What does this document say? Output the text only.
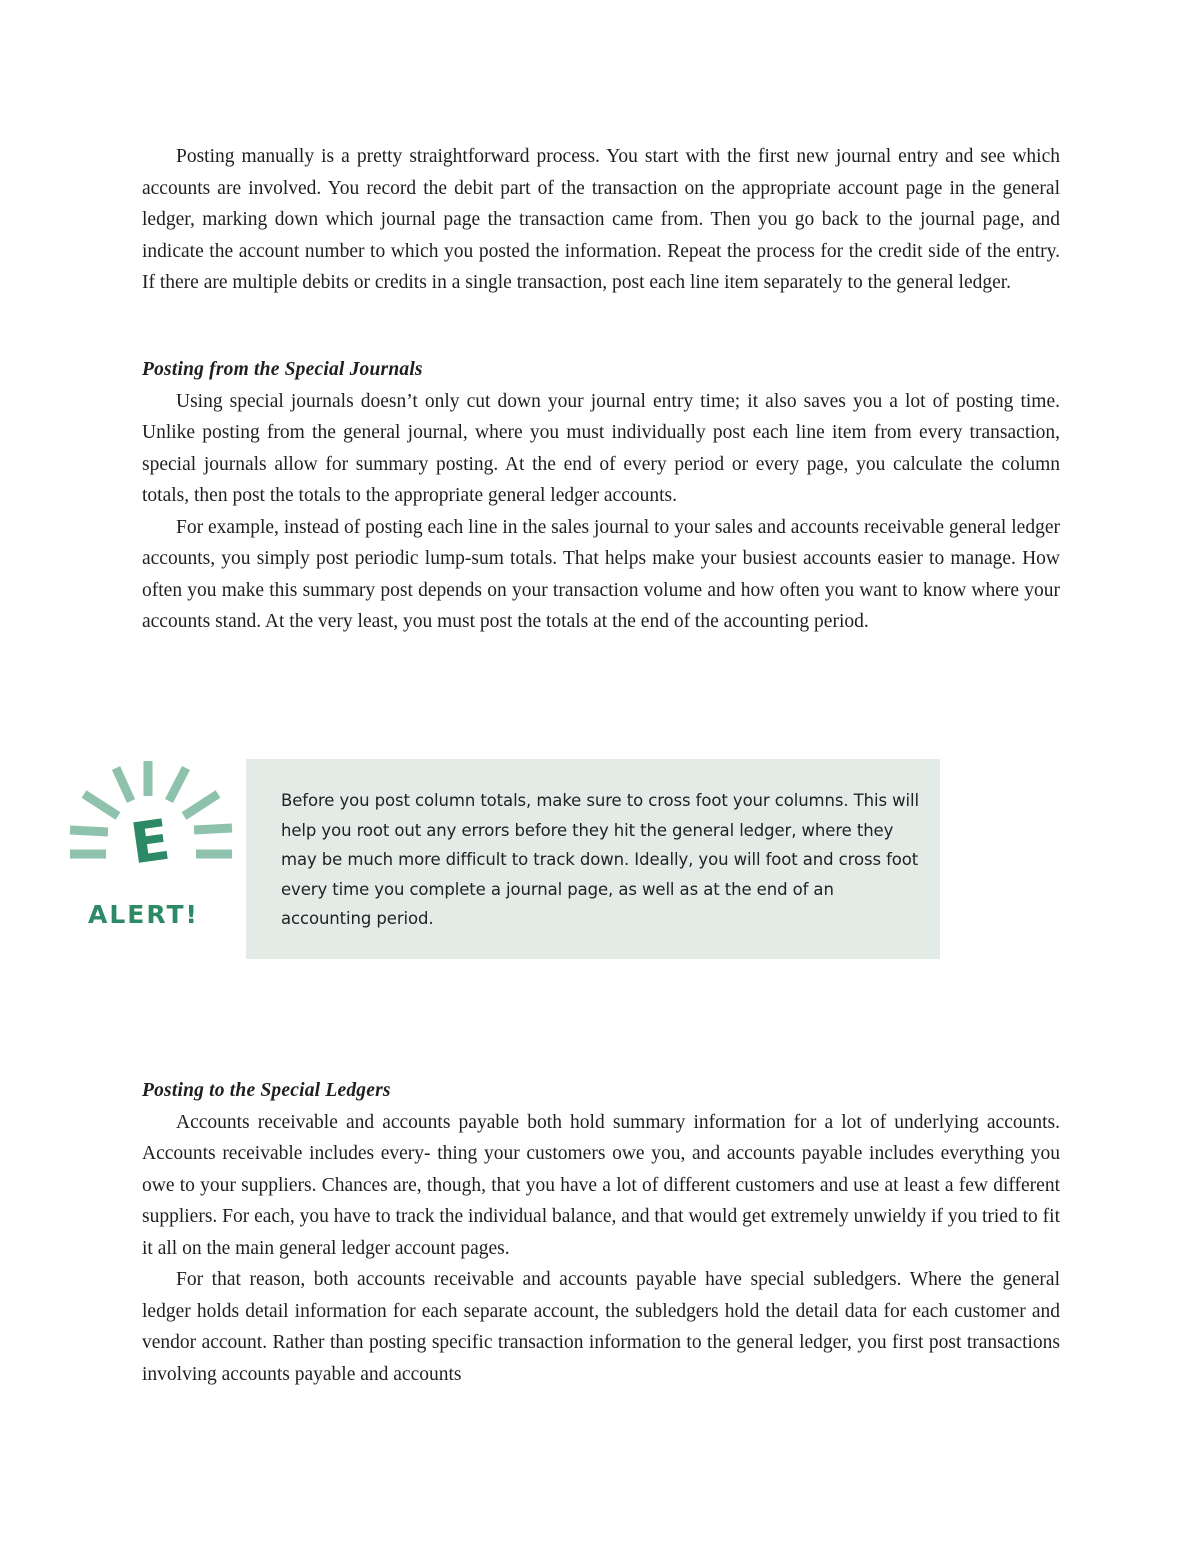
Posting manually is a pretty straightforward process. You start with the first new journal entry and see which accounts are involved. You record the debit part of the transaction on the appropriate account page in the general ledger, marking down which journal page the transaction came from. Then you go back to the journal page, and indicate the account number to which you posted the information. Repeat the process for the credit side of the entry. If there are multiple debits or credits in a single transaction, post each line item separately to the general ledger.

Posting from the Special Journals

Using special journals doesn’t only cut down your journal entry time; it also saves you a lot of posting time. Unlike posting from the general journal, where you must individually post each line item from every transaction, special journals allow for summary posting. At the end of every period or every page, you calculate the column totals, then post the totals to the appropriate general ledger accounts.

For example, instead of posting each line in the sales journal to your sales and accounts receivable general ledger accounts, you simply post periodic lump-sum totals. That helps make your busiest accounts easier to manage. How often you make this summary post depends on your transaction volume and how often you want to know where your accounts stand. At the very least, you must post the totals at the end of the accounting period.

E
ALERT!
Before you post column totals, make sure to cross foot your columns. This will help you root out any errors before they hit the general ledger, where they may be much more difficult to track down. Ideally, you will foot and cross foot every time you complete a journal page, as well as at the end of an accounting period.
Posting to the Special Ledgers

Accounts receivable and accounts payable both hold summary information for a lot of underlying accounts. Accounts receivable includes every- thing your customers owe you, and accounts payable includes everything you owe to your suppliers. Chances are, though, that you have a lot of different customers and use at least a few different suppliers. For each, you have to track the individual balance, and that would get extremely unwieldy if you tried to fit it all on the main general ledger account pages.

For that reason, both accounts receivable and accounts payable have special subledgers. Where the general ledger holds detail information for each separate account, the subledgers hold the detail data for each customer and vendor account. Rather than posting specific transaction information to the general ledger, you first post transactions involving accounts payable and accounts
